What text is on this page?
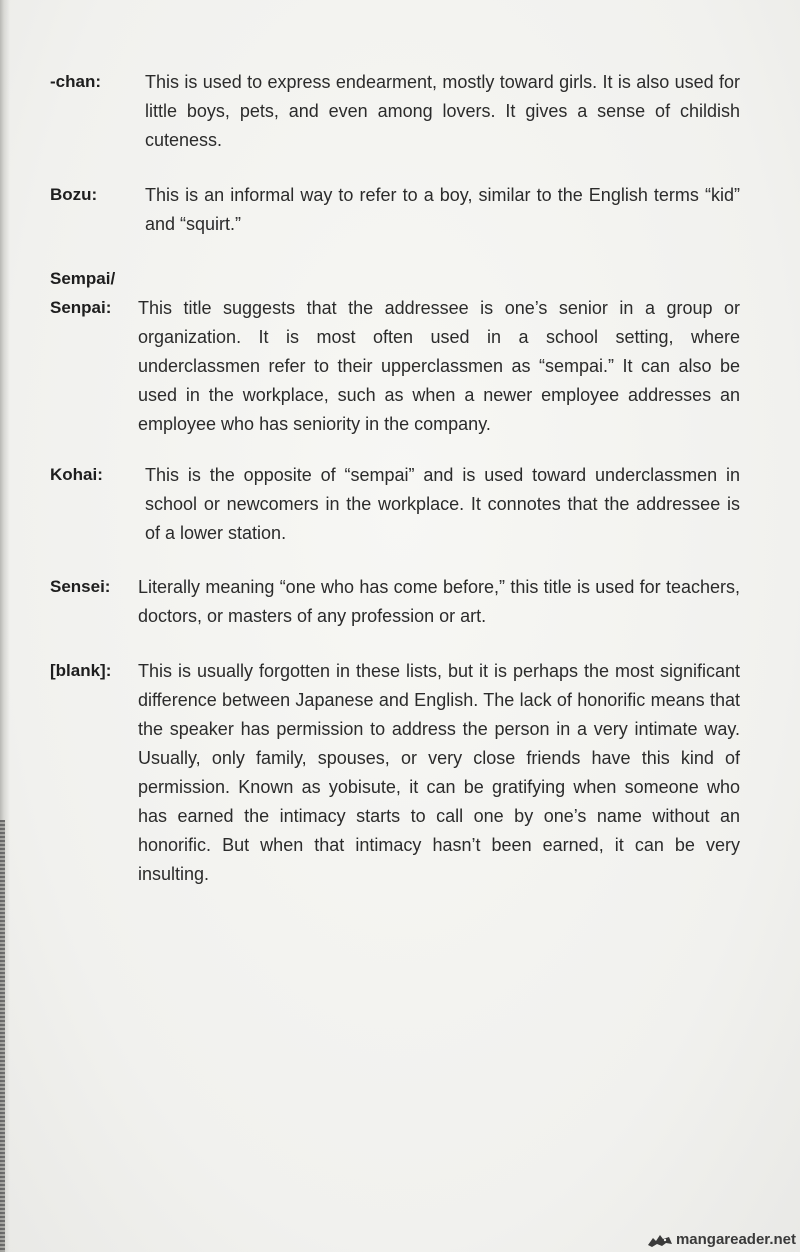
-chan: This is used to express endearment, mostly toward girls. It is also used for little boys, pets, and even among lovers. It gives a sense of childish cuteness.

Bozu:	This is an informal way to refer to a boy, similar to the English terms “kid” and “squirt.”

Sempai/
Senpai: This title suggests that the addressee is one’s senior in a group or organization. It is most often used in a school setting, where underclassmen refer to their upperclassmen as “sempai.” It can also be used in the workplace, such as when a newer employee addresses an employee who has seniority in the company.

Kohai: This is the opposite of “sempai” and is used toward underclassmen in school or newcomers in the workplace. It connotes that the addressee is of a lower station.

Sensei: Literally meaning “one who has come before,” this title is used for teachers, doctors, or masters of any profession or art.

[blank]: This is usually forgotten in these lists, but it is perhaps the most significant difference between Japanese and English. The lack of honorific means that the speaker has permission to address the person in a very intimate way. Usually, only family, spouses, or very close friends have this kind of permission. Known as yobisute, it can be gratifying when someone who has earned the intimacy starts to call one by one’s name without an honorific. But when that intimacy hasn’t been earned, it can be very insulting.

mangareader.net
